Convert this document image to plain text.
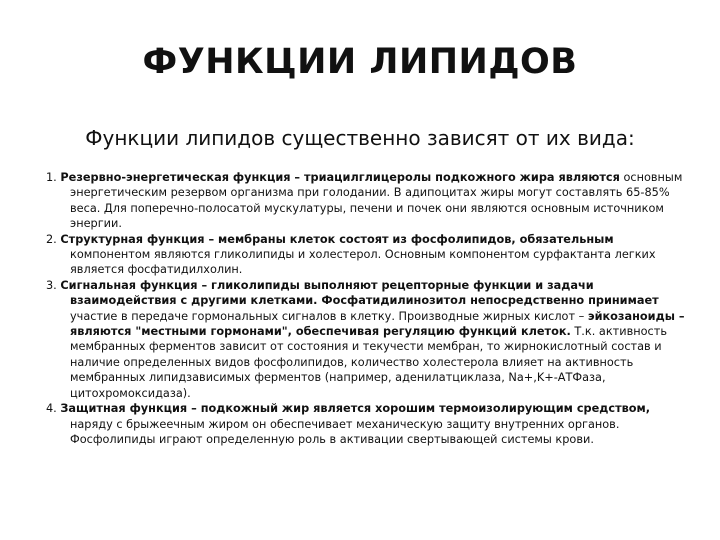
ФУНКЦИИ ЛИПИДОВ
Функции липидов существенно зависят от их вида:

1. Резервно-энергетическая функция – триацилглицеролы подкожного жира являются основным энергетическим резервом организма при голодании. В адипоцитах жиры могут составлять 65-85% веса. Для поперечно-полосатой мускулатуры, печени и почек они являются основным источником энергии.

2. Структурная функция – мембраны клеток состоят из фосфолипидов, обязательным компонентом являются гликолипиды и холестерол. Основным компонентом сурфактанта легких является фосфатидилхолин.

3. Сигнальная функция – гликолипиды выполняют рецепторные функции и задачи взаимодействия с другими клетками. Фосфатидилинозитол непосредственно принимает участие в передаче гормональных сигналов в клетку. Производные жирных кислот – эйкозаноиды – являются "местными гормонами", обеспечивая регуляцию функций клеток. Т.к. активность мембранных ферментов зависит от состояния и текучести мембран, то жирнокислотный состав и наличие определенных видов фосфолипидов, количество холестерола влияет на активность мембранных липидзависимых ферментов (например, аденилатциклаза, Na+,K+-АТФаза, цитохромоксидаза).

4. Защитная функция – подкожный жир является хорошим термоизолирующим средством, наряду с брыжеечным жиром он обеспечивает механическую защиту внутренних органов. Фосфолипиды играют определенную роль в активации свертывающей системы крови.
